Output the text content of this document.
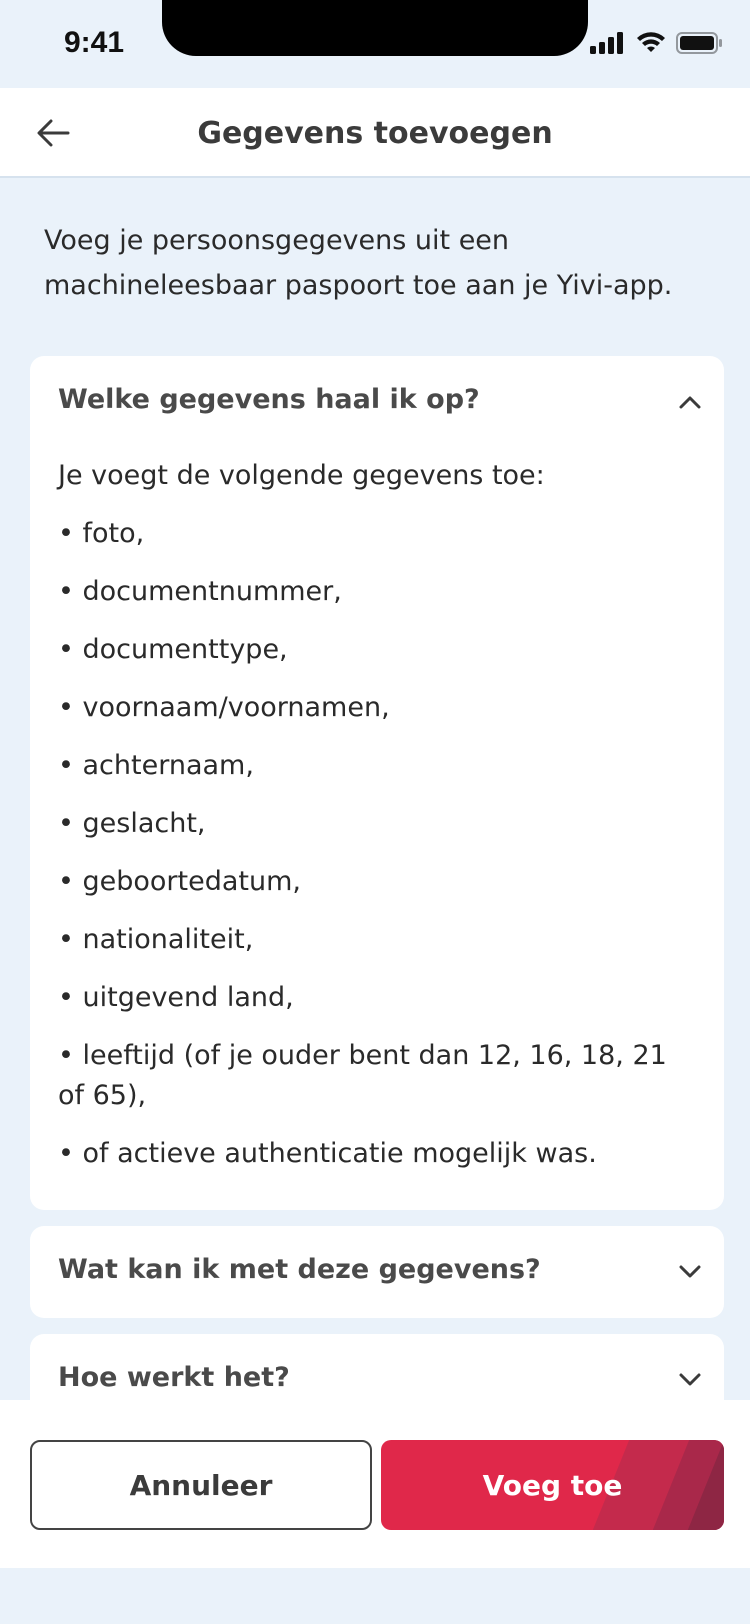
9:41
Gegevens toevoegen
Voeg je persoonsgegevens uit een machineleesbaar paspoort toe aan je Yivi-app.
Welke gegevens haal ik op?

Je voegt de volgende gegevens toe:

• foto,
• documentnummer,
• documenttype,
• voornaam/voornamen,
• achternaam,
• geslacht,
• geboortedatum,
• nationaliteit,
• uitgevend land,
• leeftijd (of je ouder bent dan 12, 16, 18, 21 of 65),
• of actieve authenticatie mogelijk was.
Wat kan ik met deze gegevens?
Hoe werkt het?
Annuleer	Voeg toe
